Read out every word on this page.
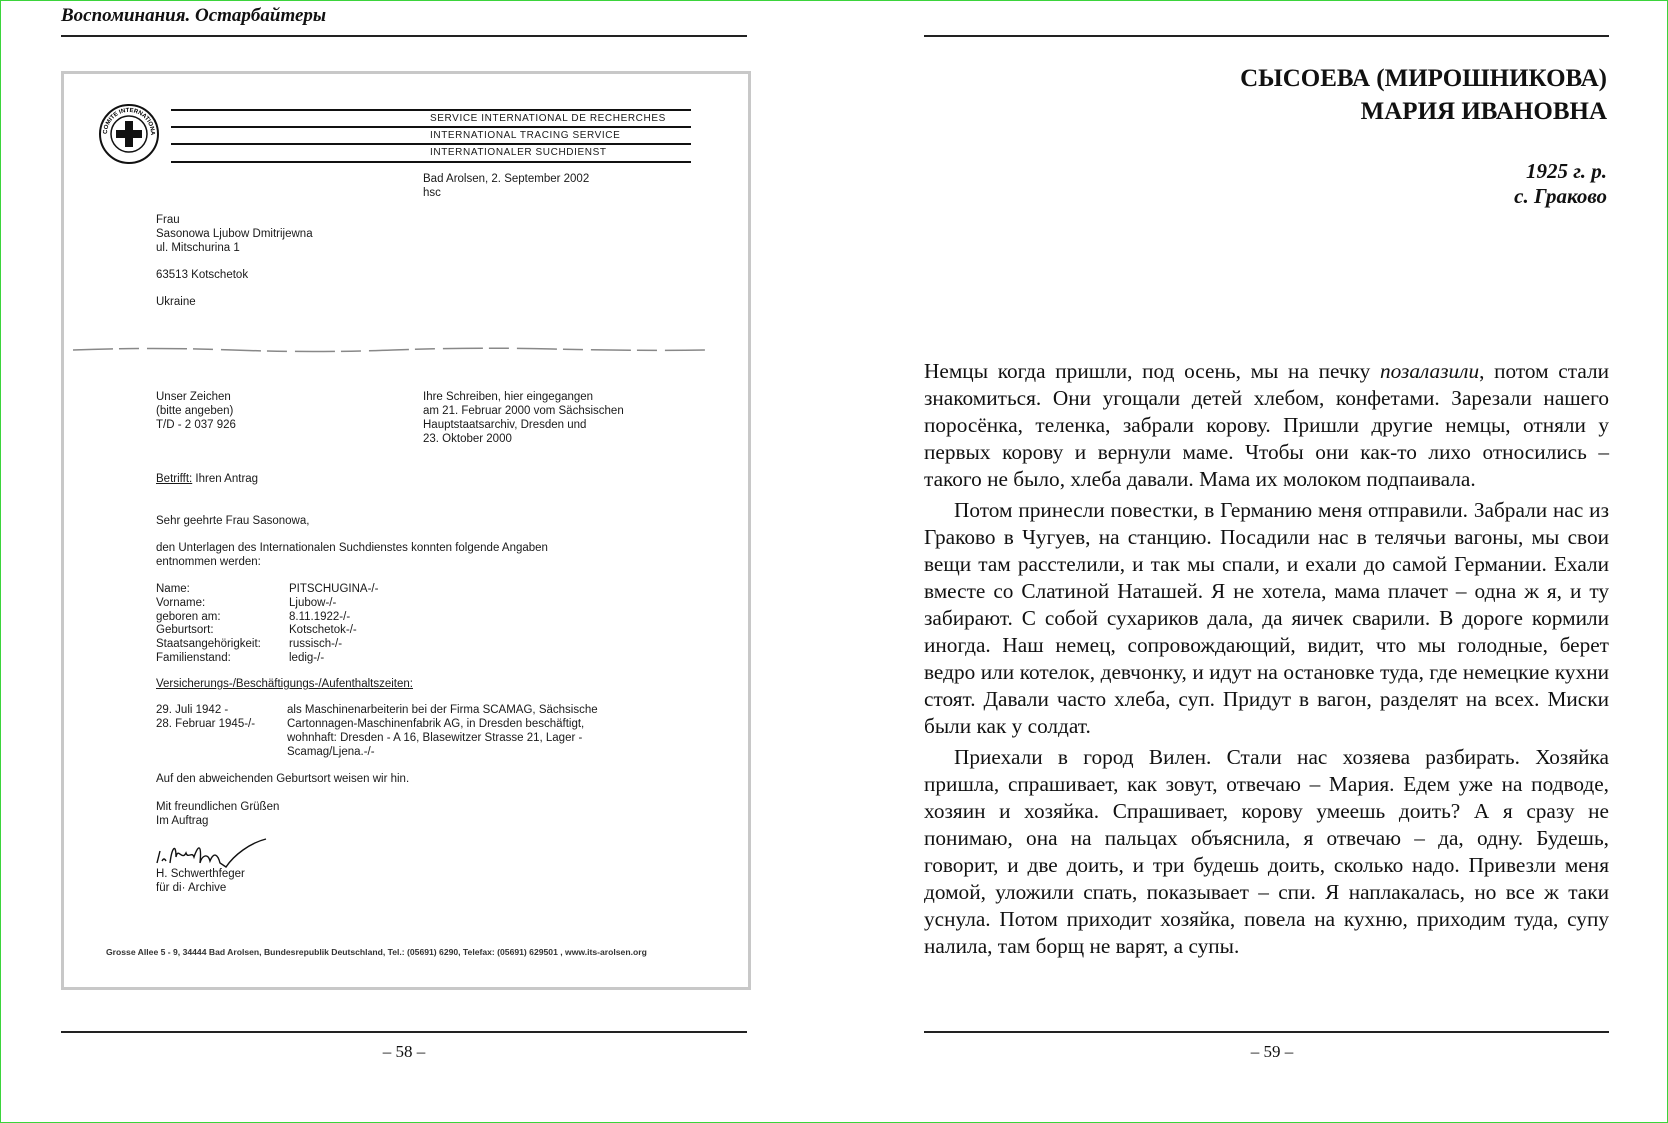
Воспоминания. Остарбайтеры
COMITE INTERNATIONA
SERVICE INTERNATIONAL DE RECHERCHES
INTERNATIONAL TRACING SERVICE
INTERNATIONALER SUCHDIENST
Bad Arolsen, 2. September 2002
hsc
Frau
Sasonowa Ljubow Dmitrijewna
ul. Mitschurina 1
63513 Kotschetok
Ukraine
Unser Zeichen
(bitte angeben)
T/D - 2 037 926
Ihre Schreiben, hier eingegangen
am 21. Februar 2000 vom Sächsischen
Hauptstaatsarchiv, Dresden und
23. Oktober 2000
Betrifft: Ihren Antrag
Sehr geehrte Frau Sasonowa,
den Unterlagen des Internationalen Suchdienstes konnten folgende Angaben
entnommen werden:
Name:	PITSCHUGINA-/-
Vorname:	Ljubow-/-
geboren am:	8.11.1922-/-
Geburtsort:	Kotschetok-/-
Staatsangehörigkeit: russisch-/-
Familienstand:	ledig-/-
Versicherungs-/Beschäftigungs-/Aufenthaltszeiten:
29. Juli 1942 -
28. Februar 1945-/-
als Maschinenarbeiterin bei der Firma SCAMAG, Sächsische
Cartonnagen-Maschinenfabrik AG, in Dresden beschäftigt,
wohnhaft: Dresden - A 16, Blasewitzer Strasse 21, Lager -
Scamag/Ljena.-/-
Auf den abweichenden Geburtsort weisen wir hin.
Mit freundlichen Grüßen
Im Auftrag
H. Schwerthfeger
für di· Archive
Grosse Allee 5 - 9, 34444 Bad Arolsen, Bundesrepublik Deutschland, Tel.: (05691) 6290, Telefax: (05691) 629501 , www.its-arolsen.org
– 58 –
СЫСОЕВА (МИРОШНИКОВА)
МАРИЯ ИВАНОВНА
1925 г. р.
с. Граково

Немцы когда пришли, под осень, мы на печку позалазили, потом стали знакомиться. Они угощали детей хлебом, конфетами. Зарезали нашего поросёнка, теленка, забрали корову. Пришли другие немцы, отняли у первых корову и вернули маме. Чтобы они как-то лихо относились – такого не было, хлеба давали. Мама их молоком подпаивала.

Потом принесли повестки, в Германию меня отправили. Забрали нас из Граково в Чугуев, на станцию. Посадили нас в телячьи вагоны, мы свои вещи там расстелили, и так мы спали, и ехали до самой Германии. Ехали вместе со Слатиной Наташей. Я не хотела, мама плачет – одна ж я, и ту забирают. С собой сухариков дала, да яичек сварили. В дороге кормили иногда. Наш немец, сопровождающий, видит, что мы голодные, берет ведро или котелок, девчонку, и идут на остановке туда, где немецкие кухни стоят. Давали часто хлеба, суп. Придут в вагон, разделят на всех. Миски были как у солдат.

Приехали в город Вилен. Стали нас хозяева разбирать. Хозяйка пришла, спрашивает, как зовут, отвечаю – Мария. Едем уже на подводе, хозяин и хозяйка. Спрашивает, корову умеешь доить? А я сразу не понимаю, она на пальцах объяснила, я отвечаю – да, одну. Будешь, говорит, и две доить, и три будешь доить, сколько надо. Привезли меня домой, уложили спать, показывает – спи. Я наплакалась, но все ж таки уснула. Потом приходит хозяйка, повела на кухню, приходим туда, супу налила, там борщ не варят, а супы.

– 59 –
